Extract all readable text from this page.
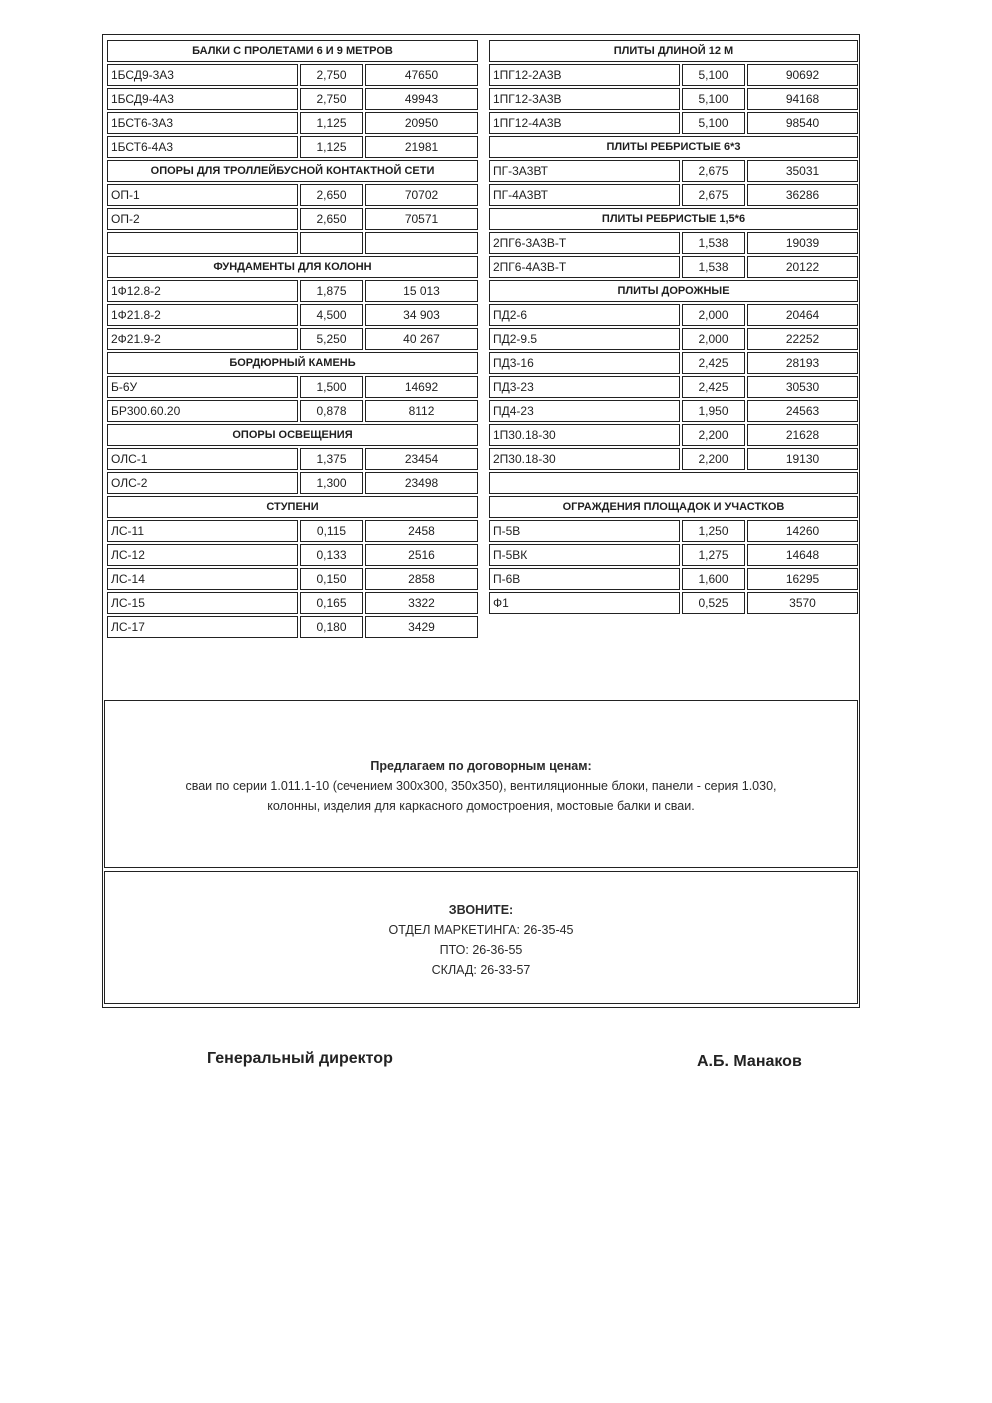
БАЛКИ С ПРОЛЕТАМИ 6 И 9 МЕТРОВ		
1БСД9-3А3	2,750	47650
1БСД9-4А3	2,750	49943
1БСТ6-3А3	1,125	20950
1БСТ6-4А3	1,125	21981
ОПОРЫ ДЛЯ ТРОЛЛЕЙБУСНОЙ КОНТАКТНОЙ СЕТИ		
ОП-1	2,650	70702
ОП-2	2,650	70571

ФУНДАМЕНТЫ ДЛЯ КОЛОНН		
1Ф12.8-2	1,875	15 013
1Ф21.8-2	4,500	34 903
2Ф21.9-2	5,250	40 267
БОРДЮРНЫЙ КАМЕНЬ		
Б-6У	1,500	14692
БР300.60.20	0,878	8112
ОПОРЫ ОСВЕЩЕНИЯ		
ОЛС-1	1,375	23454
ОЛС-2	1,300	23498
СТУПЕНИ		
ЛС-11	0,115	2458
ЛС-12	0,133	2516
ЛС-14	0,150	2858
ЛС-15	0,165	3322
ЛС-17	0,180	3429
ПЛИТЫ ДЛИНОЙ 12 М		
1ПГ12-2А3В	5,100	90692
1ПГ12-3А3В	5,100	94168
1ПГ12-4А3В	5,100	98540
ПЛИТЫ РЕБРИСТЫЕ 6*3		
ПГ-3А3ВТ	2,675	35031
ПГ-4А3ВТ	2,675	36286
ПЛИТЫ РЕБРИСТЫЕ 1,5*6		
2ПГ6-3А3В-Т	1,538	19039
2ПГ6-4А3В-Т	1,538	20122
ПЛИТЫ ДОРОЖНЫЕ		
ПД2-6	2,000	20464
ПД2-9.5	2,000	22252
ПД3-16	2,425	28193
ПД3-23	2,425	30530
ПД4-23	1,950	24563
1П30.18-30	2,200	21628
2П30.18-30	2,200	19130

ОГРАЖДЕНИЯ ПЛОЩАДОК И УЧАСТКОВ		
П-5В	1,250	14260
П-5ВК	1,275	14648
П-6В	1,600	16295
Ф1	0,525	3570
Предлагаем по договорным ценам:
сваи по серии 1.011.1-10 (сечением 300х300, 350х350), вентиляционные блоки, панели - серия 1.030,
колонны, изделия для каркасного домостроения, мостовые балки и сваи.
ЗВОНИТЕ:
ОТДЕЛ МАРКЕТИНГА: 26-35-45
ПТО: 26-36-55
СКЛАД: 26-33-57
Генеральный директор	А.Б. Манаков
